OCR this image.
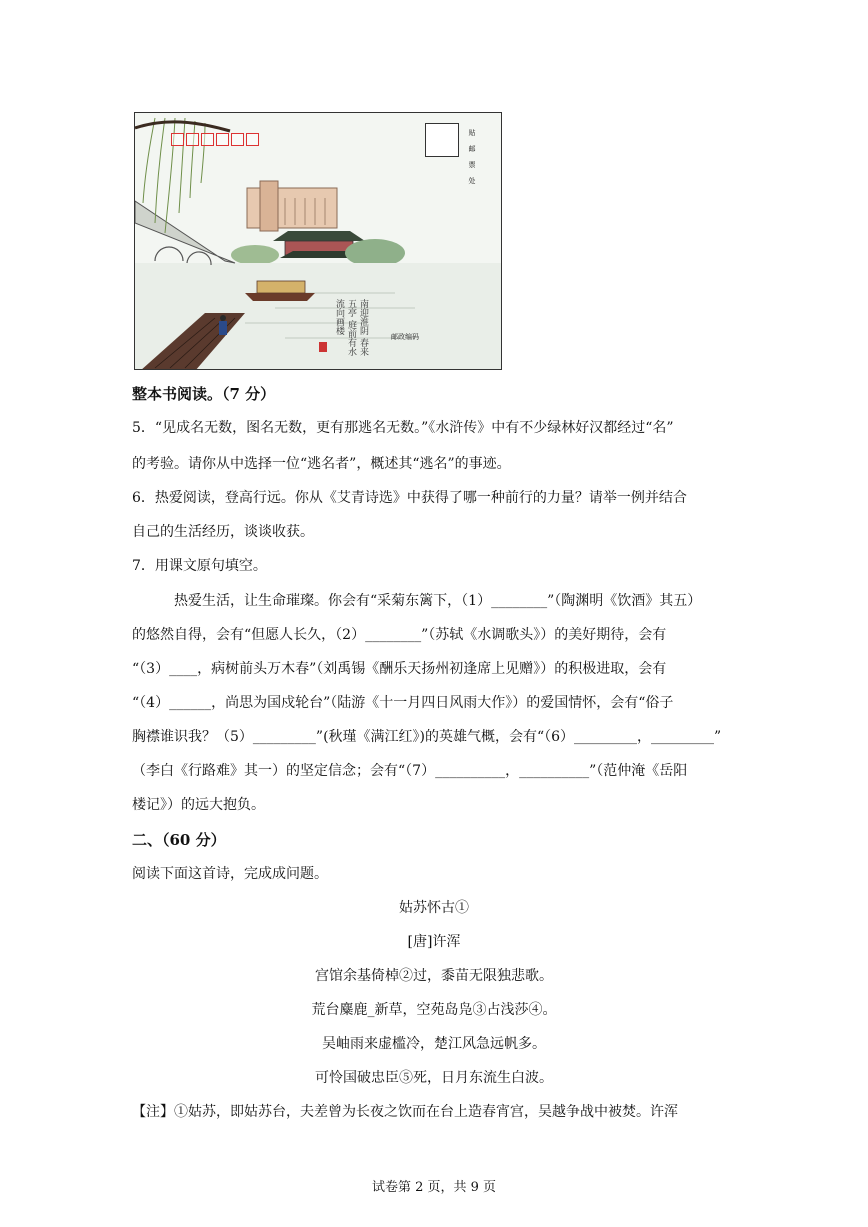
贴 邮 票 处
南迎淮阴 春来五亭 庭前有水 流向画楼
邮政编码
整本书阅读。（7 分）
5．“见成名无数，图名无数，更有那逃名无数。”《水浒传》中有不少绿林好汉都经过“名”
的考验。请你从中选择一位“逃名者”，概述其“逃名”的事迹。
6．热爱阅读，登高行远。你从《艾青诗选》中获得了哪一种前行的力量？请举一例并结合
自己的生活经历，谈谈收获。
7．用课文原句填空。
热爱生活，让生命璀璨。你会有“采菊东篱下，（1）________”（陶渊明《饮酒》其五）
的悠然自得，会有“但愿人长久，（2）________”（苏轼《水调歌头》）的美好期待，会有
“（3）____，病树前头万木春”（刘禹锡《酬乐天扬州初逢席上见赠》）的积极进取，会有
“（4）______，尚思为国戍轮台”（陆游《十一月四日风雨大作》）的爱国情怀，会有“俗子
胸襟谁识我？（5）_________”(秋瑾《满江红》)的英雄气概，会有“（6）_________，_________”
（李白《行路难》其一）的坚定信念；会有“（7）__________，__________”（范仲淹《岳阳
楼记》）的远大抱负。
二、（60 分）
阅读下面这首诗，完成成问题。
姑苏怀古①
[唐]许浑
宫馆余基倚棹②过，黍苗无限独悲歌。
荒台麋鹿_新草，空苑岛凫③占浅莎④。
吴岫雨来虚槛冷，楚江风急远帆多。
可怜国破忠臣⑤死，日月东流生白波。
【注】①姑苏，即姑苏台，夫差曾为长夜之饮而在台上造春宵宫，吴越争战中被焚。许浑
试卷第 2 页，共 9 页
